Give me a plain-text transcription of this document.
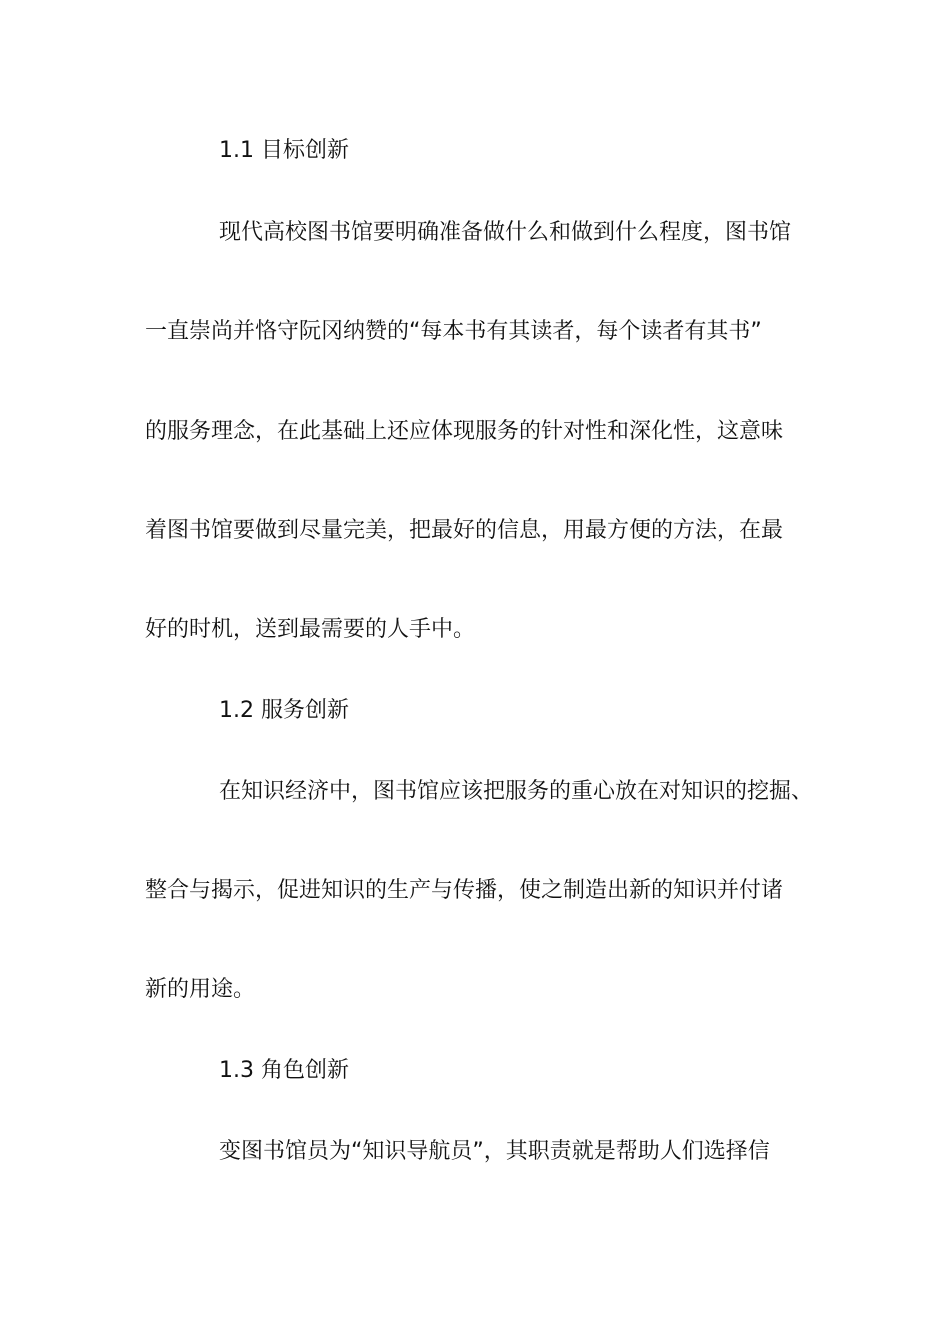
1.1 目标创新
现代高校图书馆要明确准备做什么和做到什么程度，图书馆
一直崇尚并恪守阮冈纳赞的“每本书有其读者，每个读者有其书”
的服务理念，在此基础上还应体现服务的针对性和深化性，这意味
着图书馆要做到尽量完美，把最好的信息，用最方便的方法，在最
好的时机，送到最需要的人手中。
1.2 服务创新
在知识经济中，图书馆应该把服务的重心放在对知识的挖掘、
整合与揭示，促进知识的生产与传播，使之制造出新的知识并付诸
新的用途。
1.3 角色创新
变图书馆员为“知识导航员”，其职责就是帮助人们选择信
